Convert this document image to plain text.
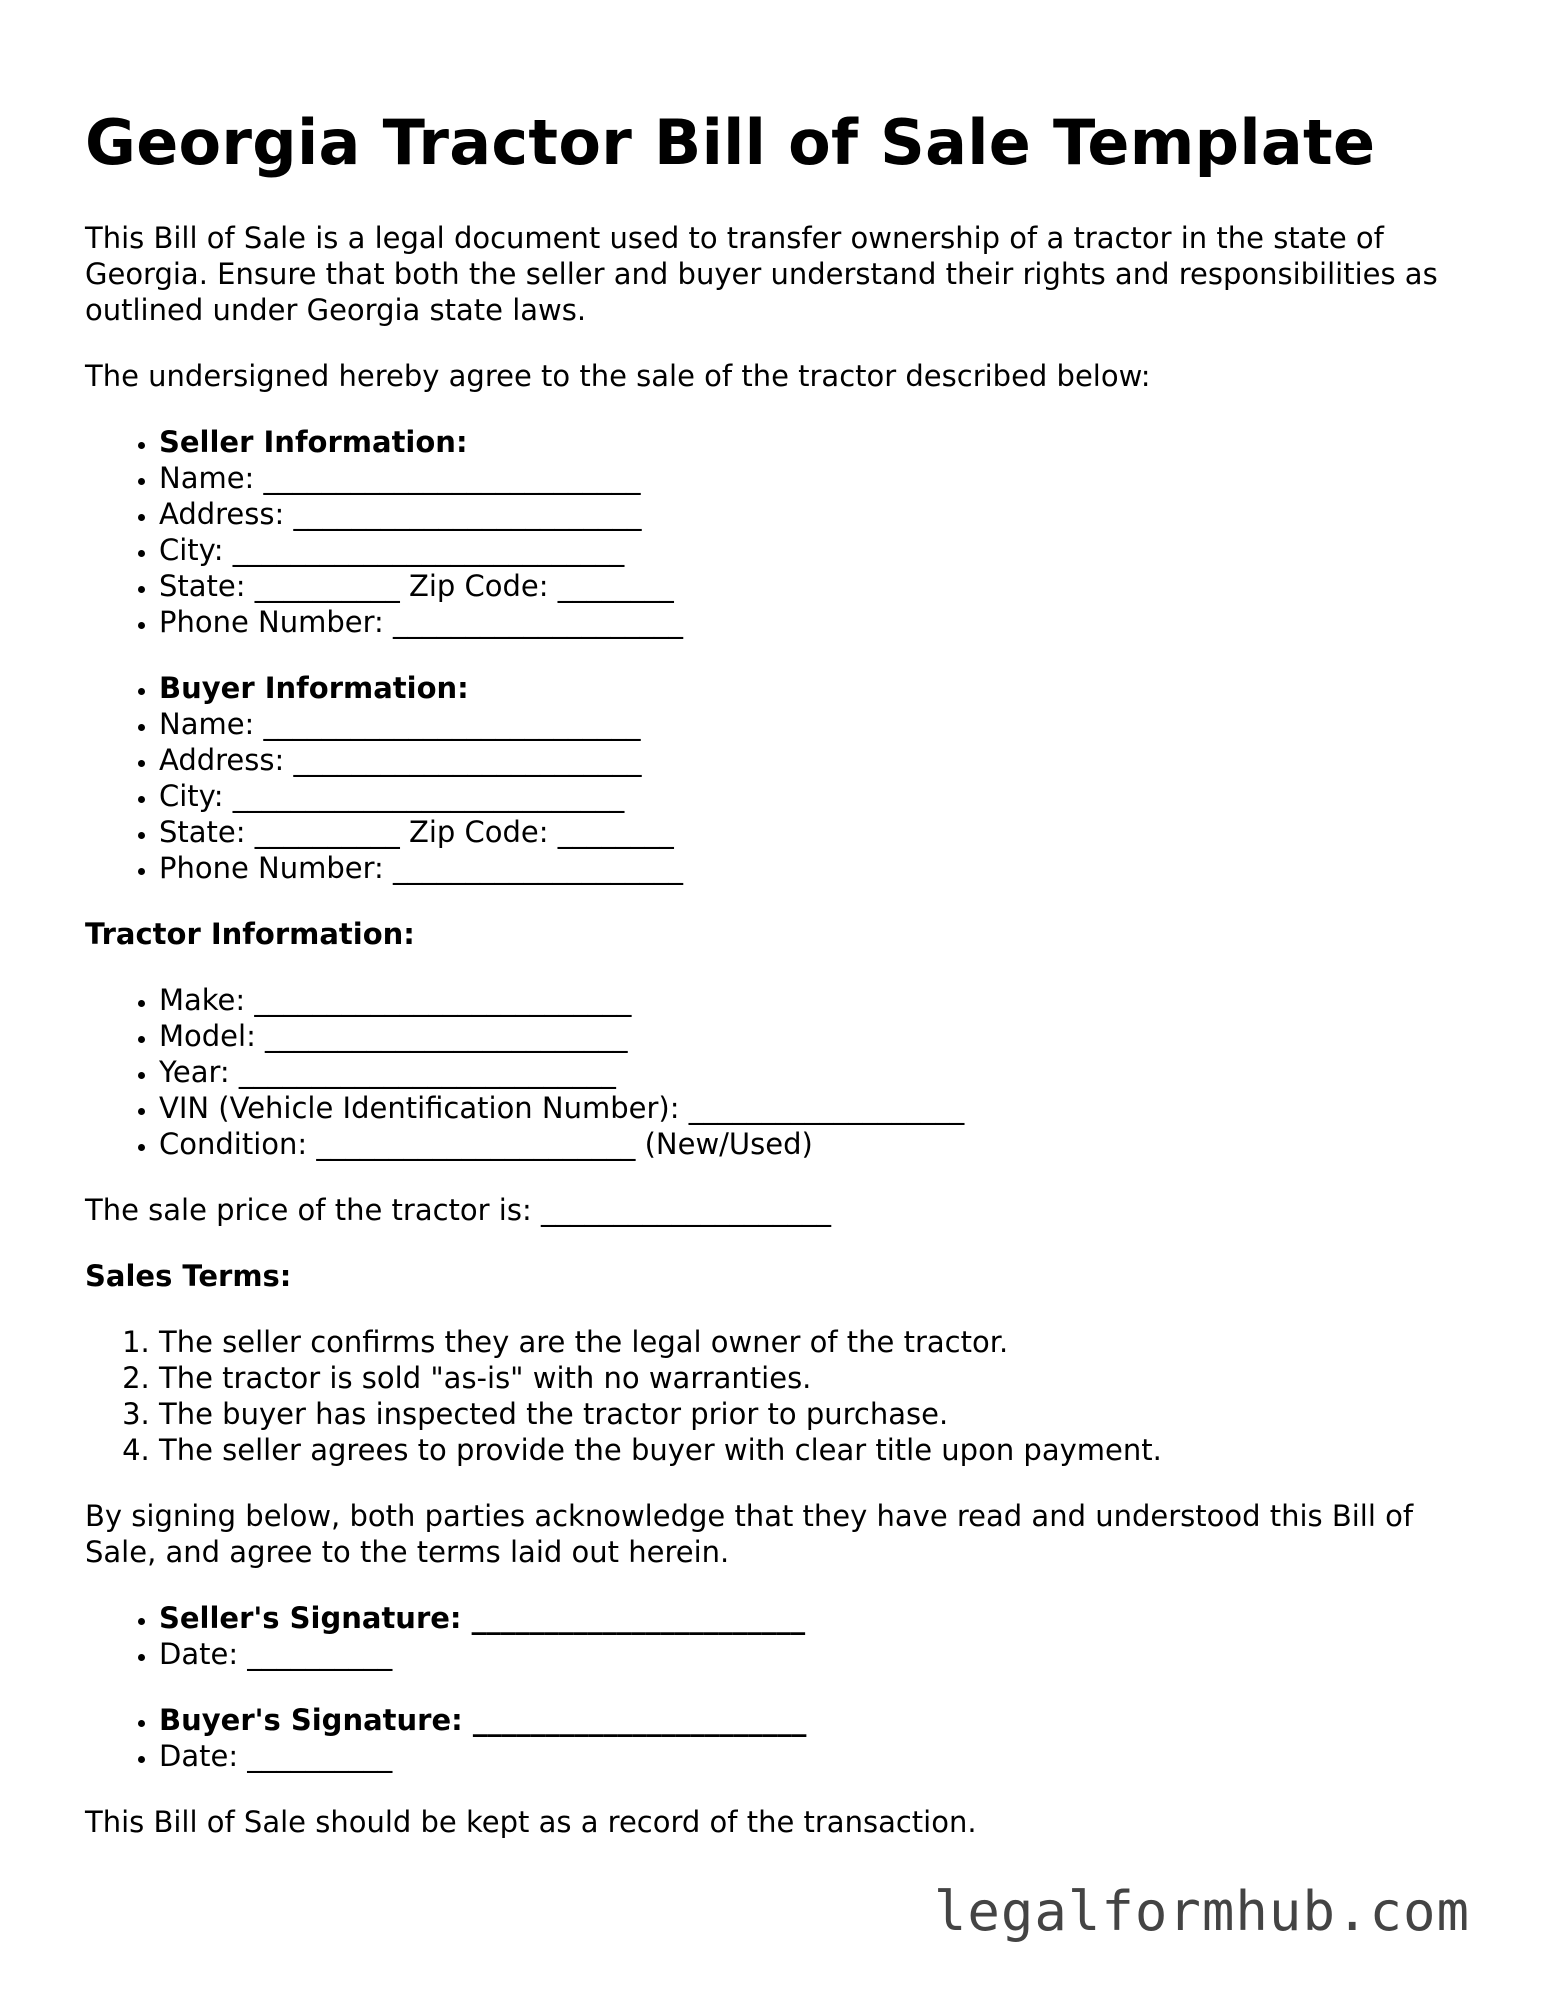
Georgia Tractor Bill of Sale Template

This Bill of Sale is a legal document used to transfer ownership of a tractor in the state of Georgia. Ensure that both the seller and buyer understand their rights and responsibilities as outlined under Georgia state laws.

The undersigned hereby agree to the sale of the tractor described below:

• Seller Information:
• Name: __________________________
• Address: ________________________
• City: ___________________________
• State: __________ Zip Code: ________
• Phone Number: ____________________
• Buyer Information:
• Name: __________________________
• Address: ________________________
• City: ___________________________
• State: __________ Zip Code: ________
• Phone Number: ____________________

Tractor Information:

• Make: __________________________
• Model: _________________________
• Year: __________________________
• VIN (Vehicle Identification Number): ___________________
• Condition: ______________________ (New/Used)

The sale price of the tractor is: ____________________

Sales Terms:

1. The seller confirms they are the legal owner of the tractor.
2. The tractor is sold "as-is" with no warranties.
3. The buyer has inspected the tractor prior to purchase.
4. The seller agrees to provide the buyer with clear title upon payment.

By signing below, both parties acknowledge that they have read and understood this Bill of Sale, and agree to the terms laid out herein.

• Seller's Signature: _______________________
• Date: __________
• Buyer's Signature: _______________________
• Date: __________

This Bill of Sale should be kept as a record of the transaction.

legalformhub.com
